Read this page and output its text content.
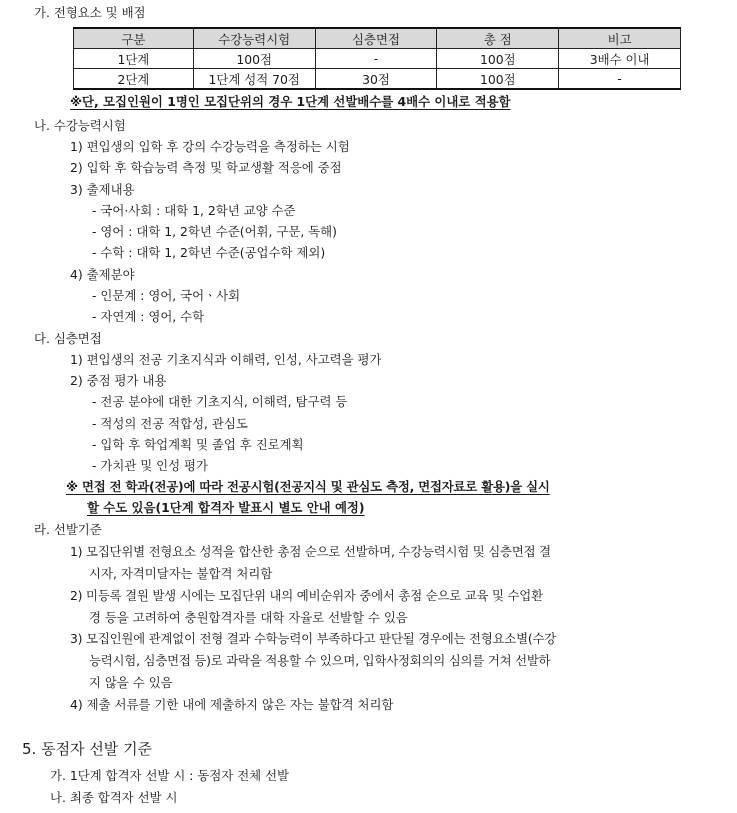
가. 전형요소 및 배점
구분	수강능력시험	심층면접	총 점	비고
1단계	100점	-	100점	3배수 이내
2단계	1단계 성적 70점	30점	100점	-
※단, 모집인원이 1명인 모집단위의 경우 1단계 선발배수를 4배수 이내로 적용함
나. 수강능력시험
1) 편입생의 입학 후 강의 수강능력을 측정하는 시험
2) 입학 후 학습능력 측정 및 학교생활 적응에 중점
3) 출제내용
- 국어·사회 : 대학 1, 2학년 교양 수준
- 영어 : 대학 1, 2학년 수준(어휘, 구문, 독해)
- 수학 : 대학 1, 2학년 수준(공업수학 제외)
4) 출제분야
- 인문계 : 영어, 국어ㆍ사회
- 자연계 : 영어, 수학
다. 심층면접
1) 편입생의 전공 기초지식과 이해력, 인성, 사고력을 평가
2) 중점 평가 내용
- 전공 분야에 대한 기초지식, 이해력, 탐구력 등
- 적성의 전공 적합성, 관심도
- 입학 후 학업계획 및 졸업 후 진로계획
- 가치관 및 인성 평가
※ 면접 전 학과(전공)에 따라 전공시험(전공지식 및 관심도 측정, 면접자료로 활용)을 실시
할 수도 있음(1단계 합격자 발표시 별도 안내 예정)
라. 선발기준
1) 모집단위별 전형요소 성적을 합산한 총점 순으로 선발하며, 수강능력시험 및 심층면접 결
시자, 자격미달자는 불합격 처리함
2) 미등록 결원 발생 시에는 모집단위 내의 예비순위자 중에서 총점 순으로 교육 및 수업환
경 등을 고려하여 충원합격자를 대학 자율로 선발할 수 있음
3) 모집인원에 관계없이 전형 결과 수학능력이 부족하다고 판단될 경우에는 전형요소별(수강
능력시험, 심층면접 등)로 과락을 적용할 수 있으며, 입학사정회의의 심의를 거쳐 선발하
지 않을 수 있음
4) 제출 서류를 기한 내에 제출하지 않은 자는 불합격 처리함
5. 동점자 선발 기준
가. 1단계 합격자 선발 시 : 동점자 전체 선발
나. 최종 합격자 선발 시
